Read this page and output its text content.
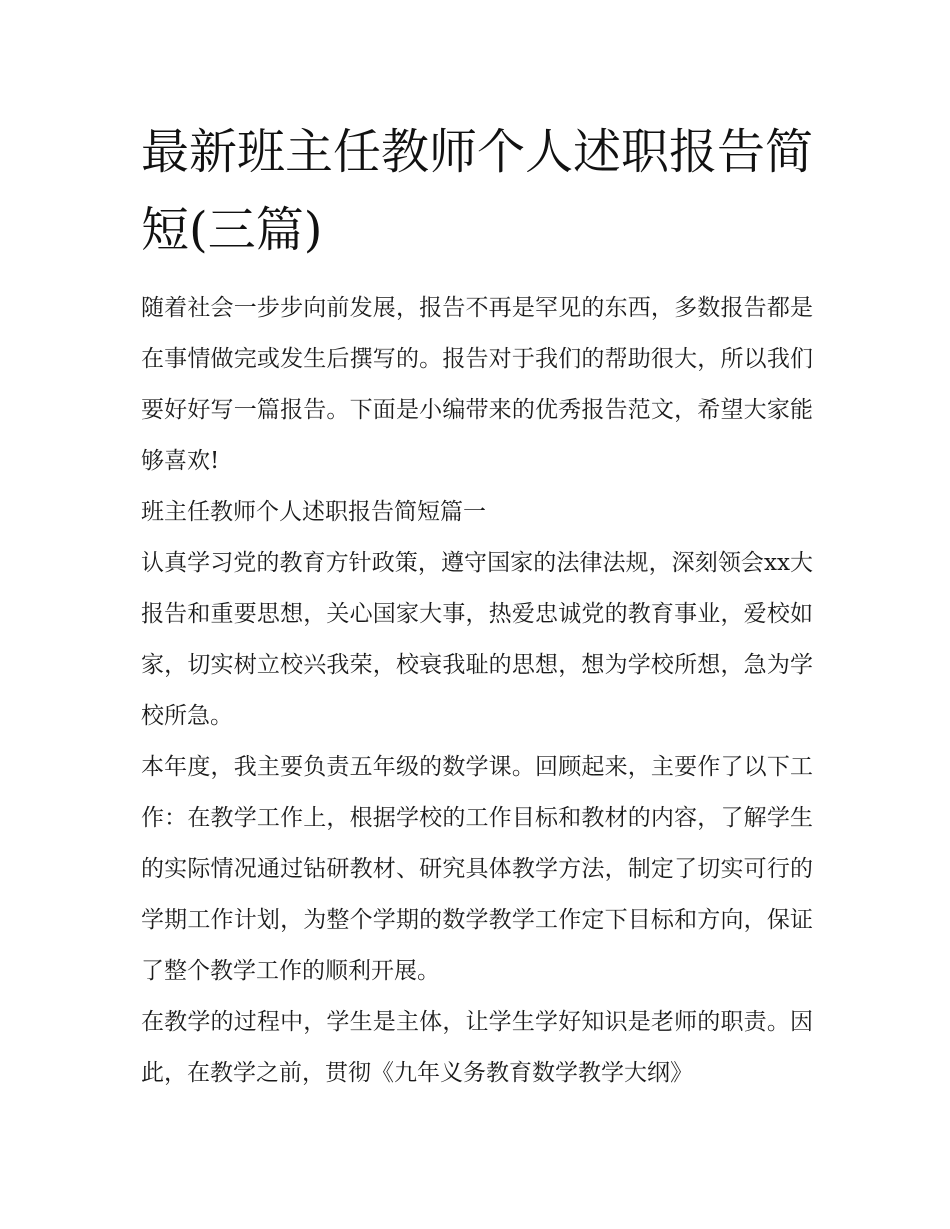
最新班主任教师个人述职报告简短(三篇)

随着社会一步步向前发展，报告不再是罕见的东西，多数报告都是在事情做完或发生后撰写的。报告对于我们的帮助很大，所以我们要好好写一篇报告。下面是小编带来的优秀报告范文，希望大家能够喜欢!

班主任教师个人述职报告简短篇一

认真学习党的教育方针政策，遵守国家的法律法规，深刻领会xx大报告和重要思想，关心国家大事，热爱忠诚党的教育事业，爱校如家，切实树立校兴我荣，校衰我耻的思想，想为学校所想，急为学校所急。

本年度，我主要负责五年级的数学课。回顾起来，主要作了以下工作：在教学工作上，根据学校的工作目标和教材的内容，了解学生的实际情况通过钻研教材、研究具体教学方法，制定了切实可行的学期工作计划，为整个学期的数学教学工作定下目标和方向，保证了整个教学工作的顺利开展。

在教学的过程中，学生是主体，让学生学好知识是老师的职责。因此，在教学之前，贯彻《九年义务教育数学教学大纲》
